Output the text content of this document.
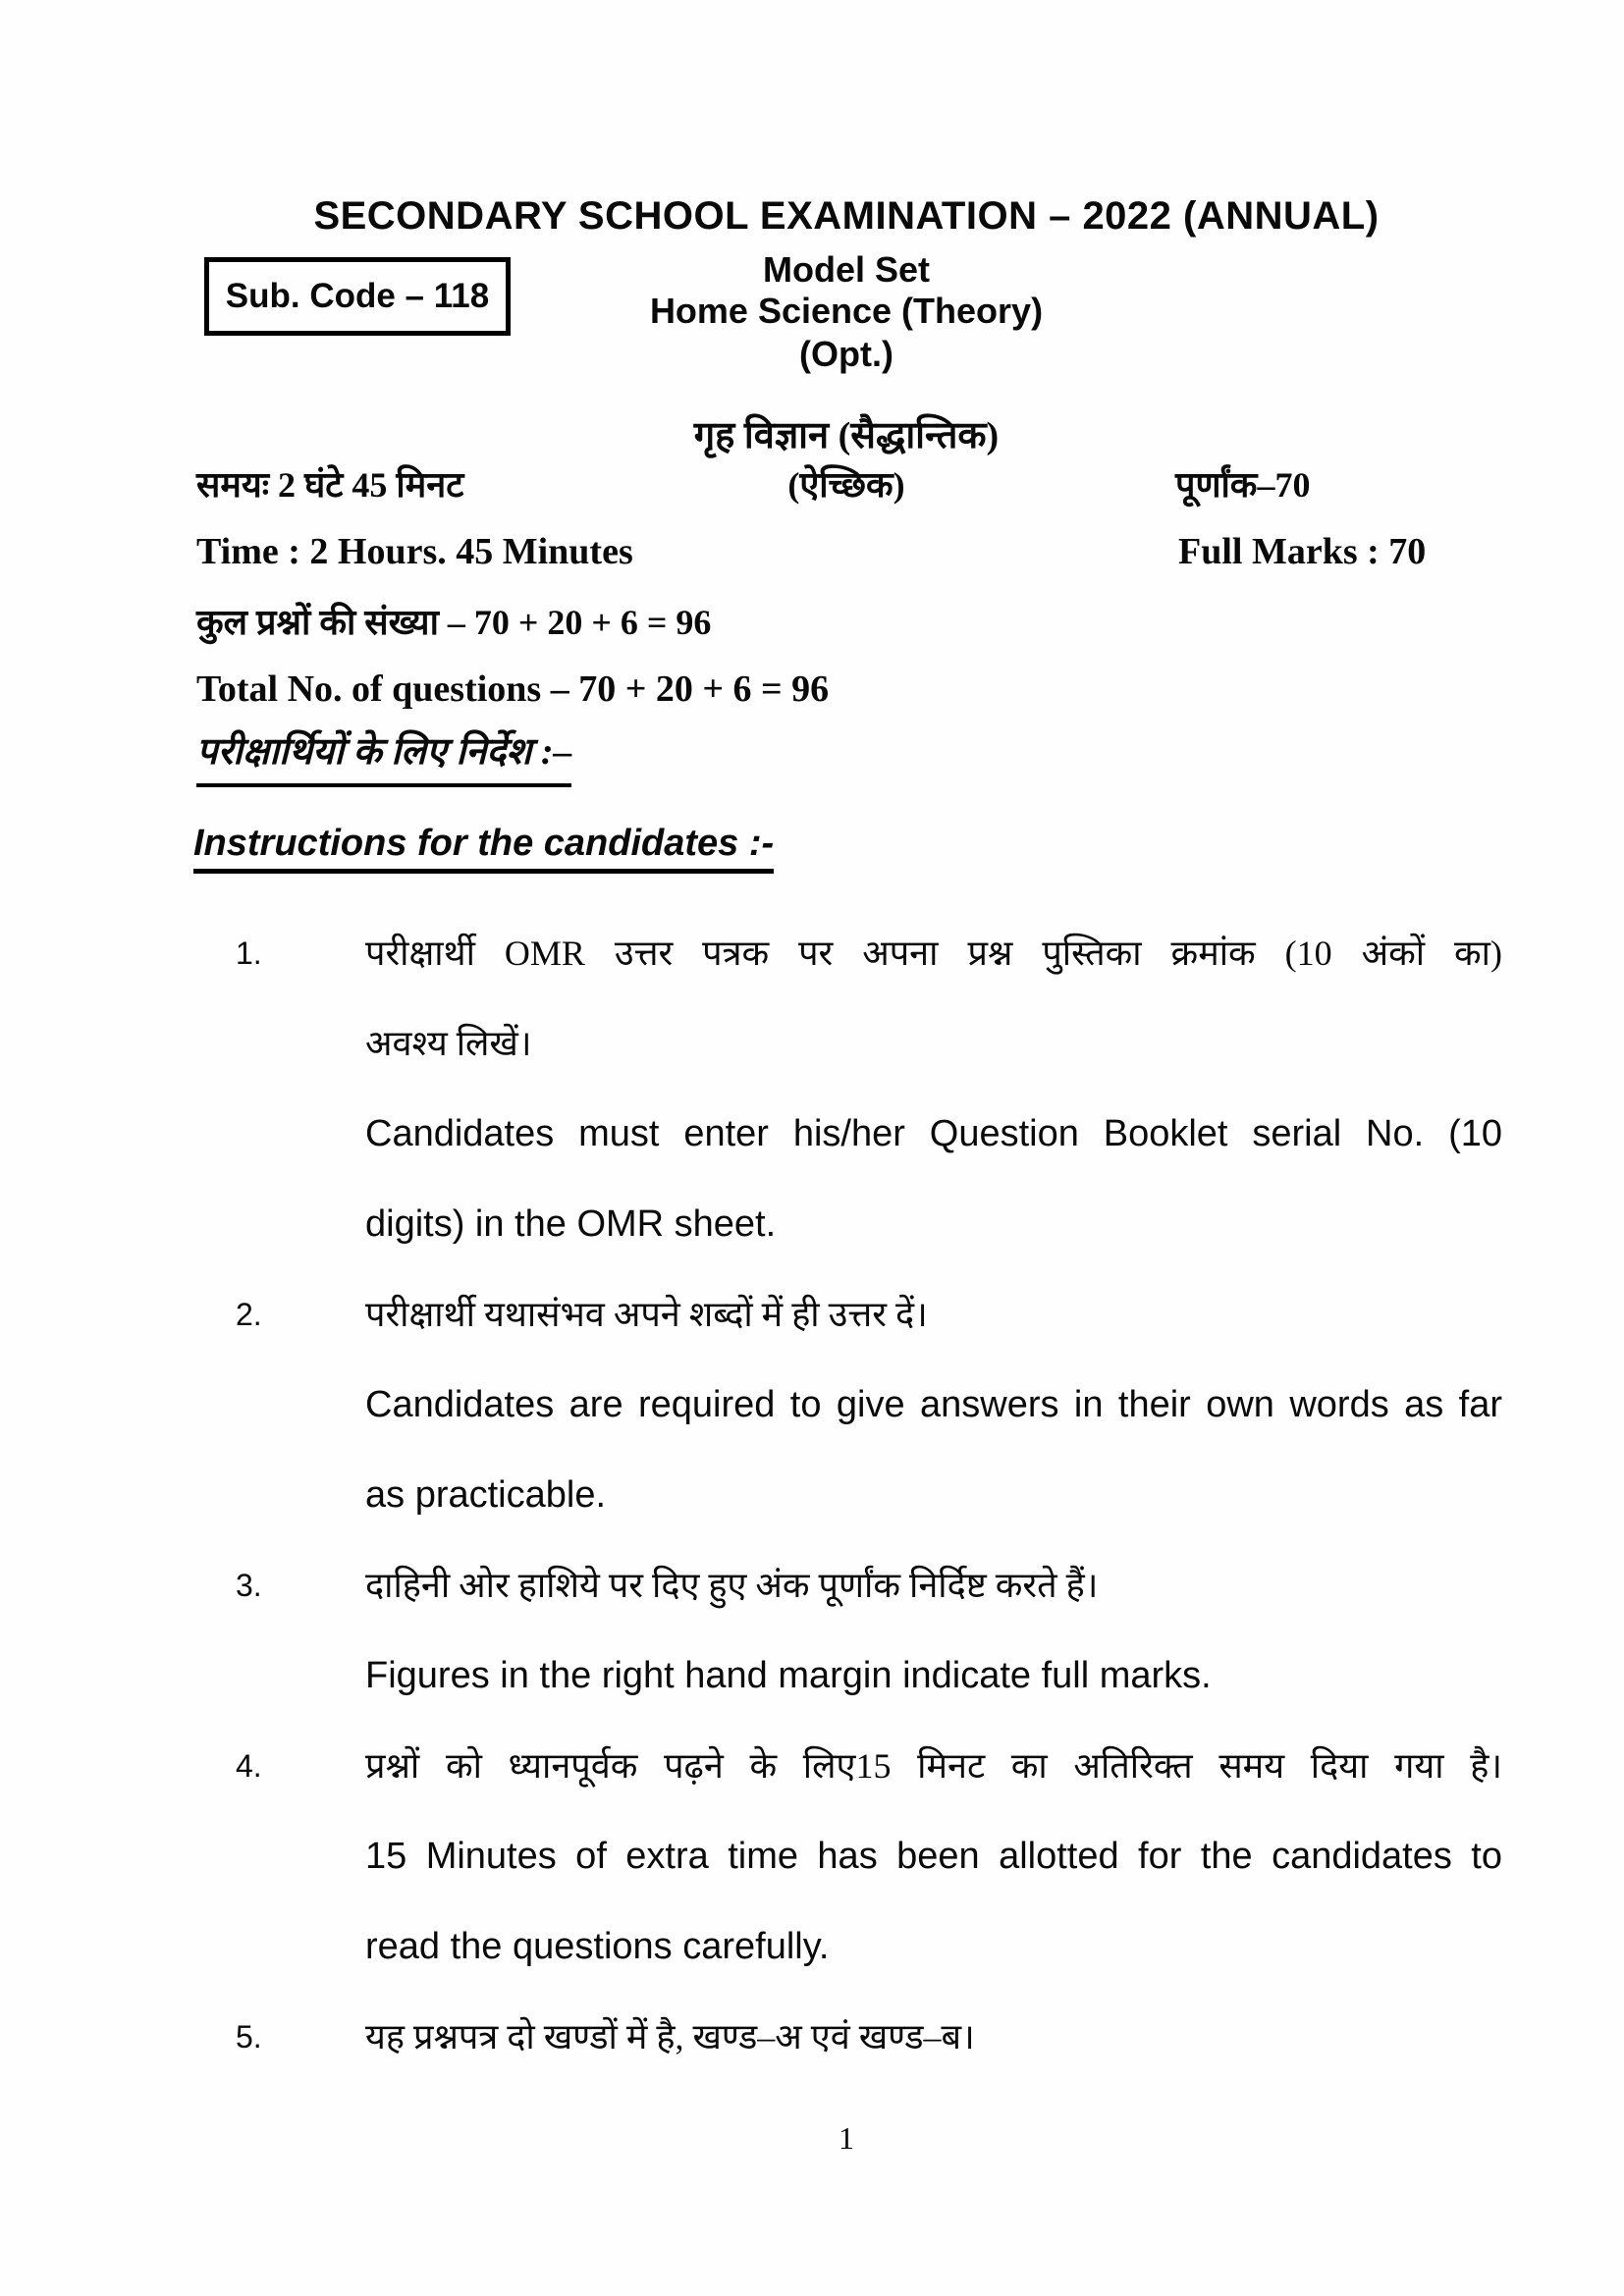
SECONDARY SCHOOL EXAMINATION – 2022 (ANNUAL)
Model Set
Home Science (Theory)
(Opt.)
Sub. Code – 118
गृह विज्ञान (सैद्धान्तिक)
समयः 2 घंटे 45 मिनट	(ऐच्छिक)	पूर्णांक–70
Time : 2 Hours. 45 Minutes	Full Marks : 70
कुल प्रश्नों की संख्या – 70 + 20 + 6 = 96
Total No. of questions – 70 + 20 + 6 = 96
परीक्षार्थियों के लिए निर्देश :–
Instructions for the candidates :-
1.	परीक्षार्थी OMR उत्तर पत्रक पर अपना प्रश्न पुस्तिका क्रमांक (10 अंकों का)
अवश्य लिखें।
Candidates must enter his/her Question Booklet serial No. (10
digits) in the OMR sheet.
2.	परीक्षार्थी यथासंभव अपने शब्दों में ही उत्तर दें।
Candidates are required to give answers in their own words as far
as practicable.
3.	दाहिनी ओर हाशिये पर दिए हुए अंक पूर्णांक निर्दिष्ट करते हैं।
Figures in the right hand margin indicate full marks.
4.	प्रश्नों को ध्यानपूर्वक पढ़ने के लिए15 मिनट का अतिरिक्त समय दिया गया है।
15 Minutes of extra time has been allotted for the candidates to
read the questions carefully.
5.	यह प्रश्नपत्र दो खण्डों में है, खण्ड–अ एवं खण्ड–ब।
1
